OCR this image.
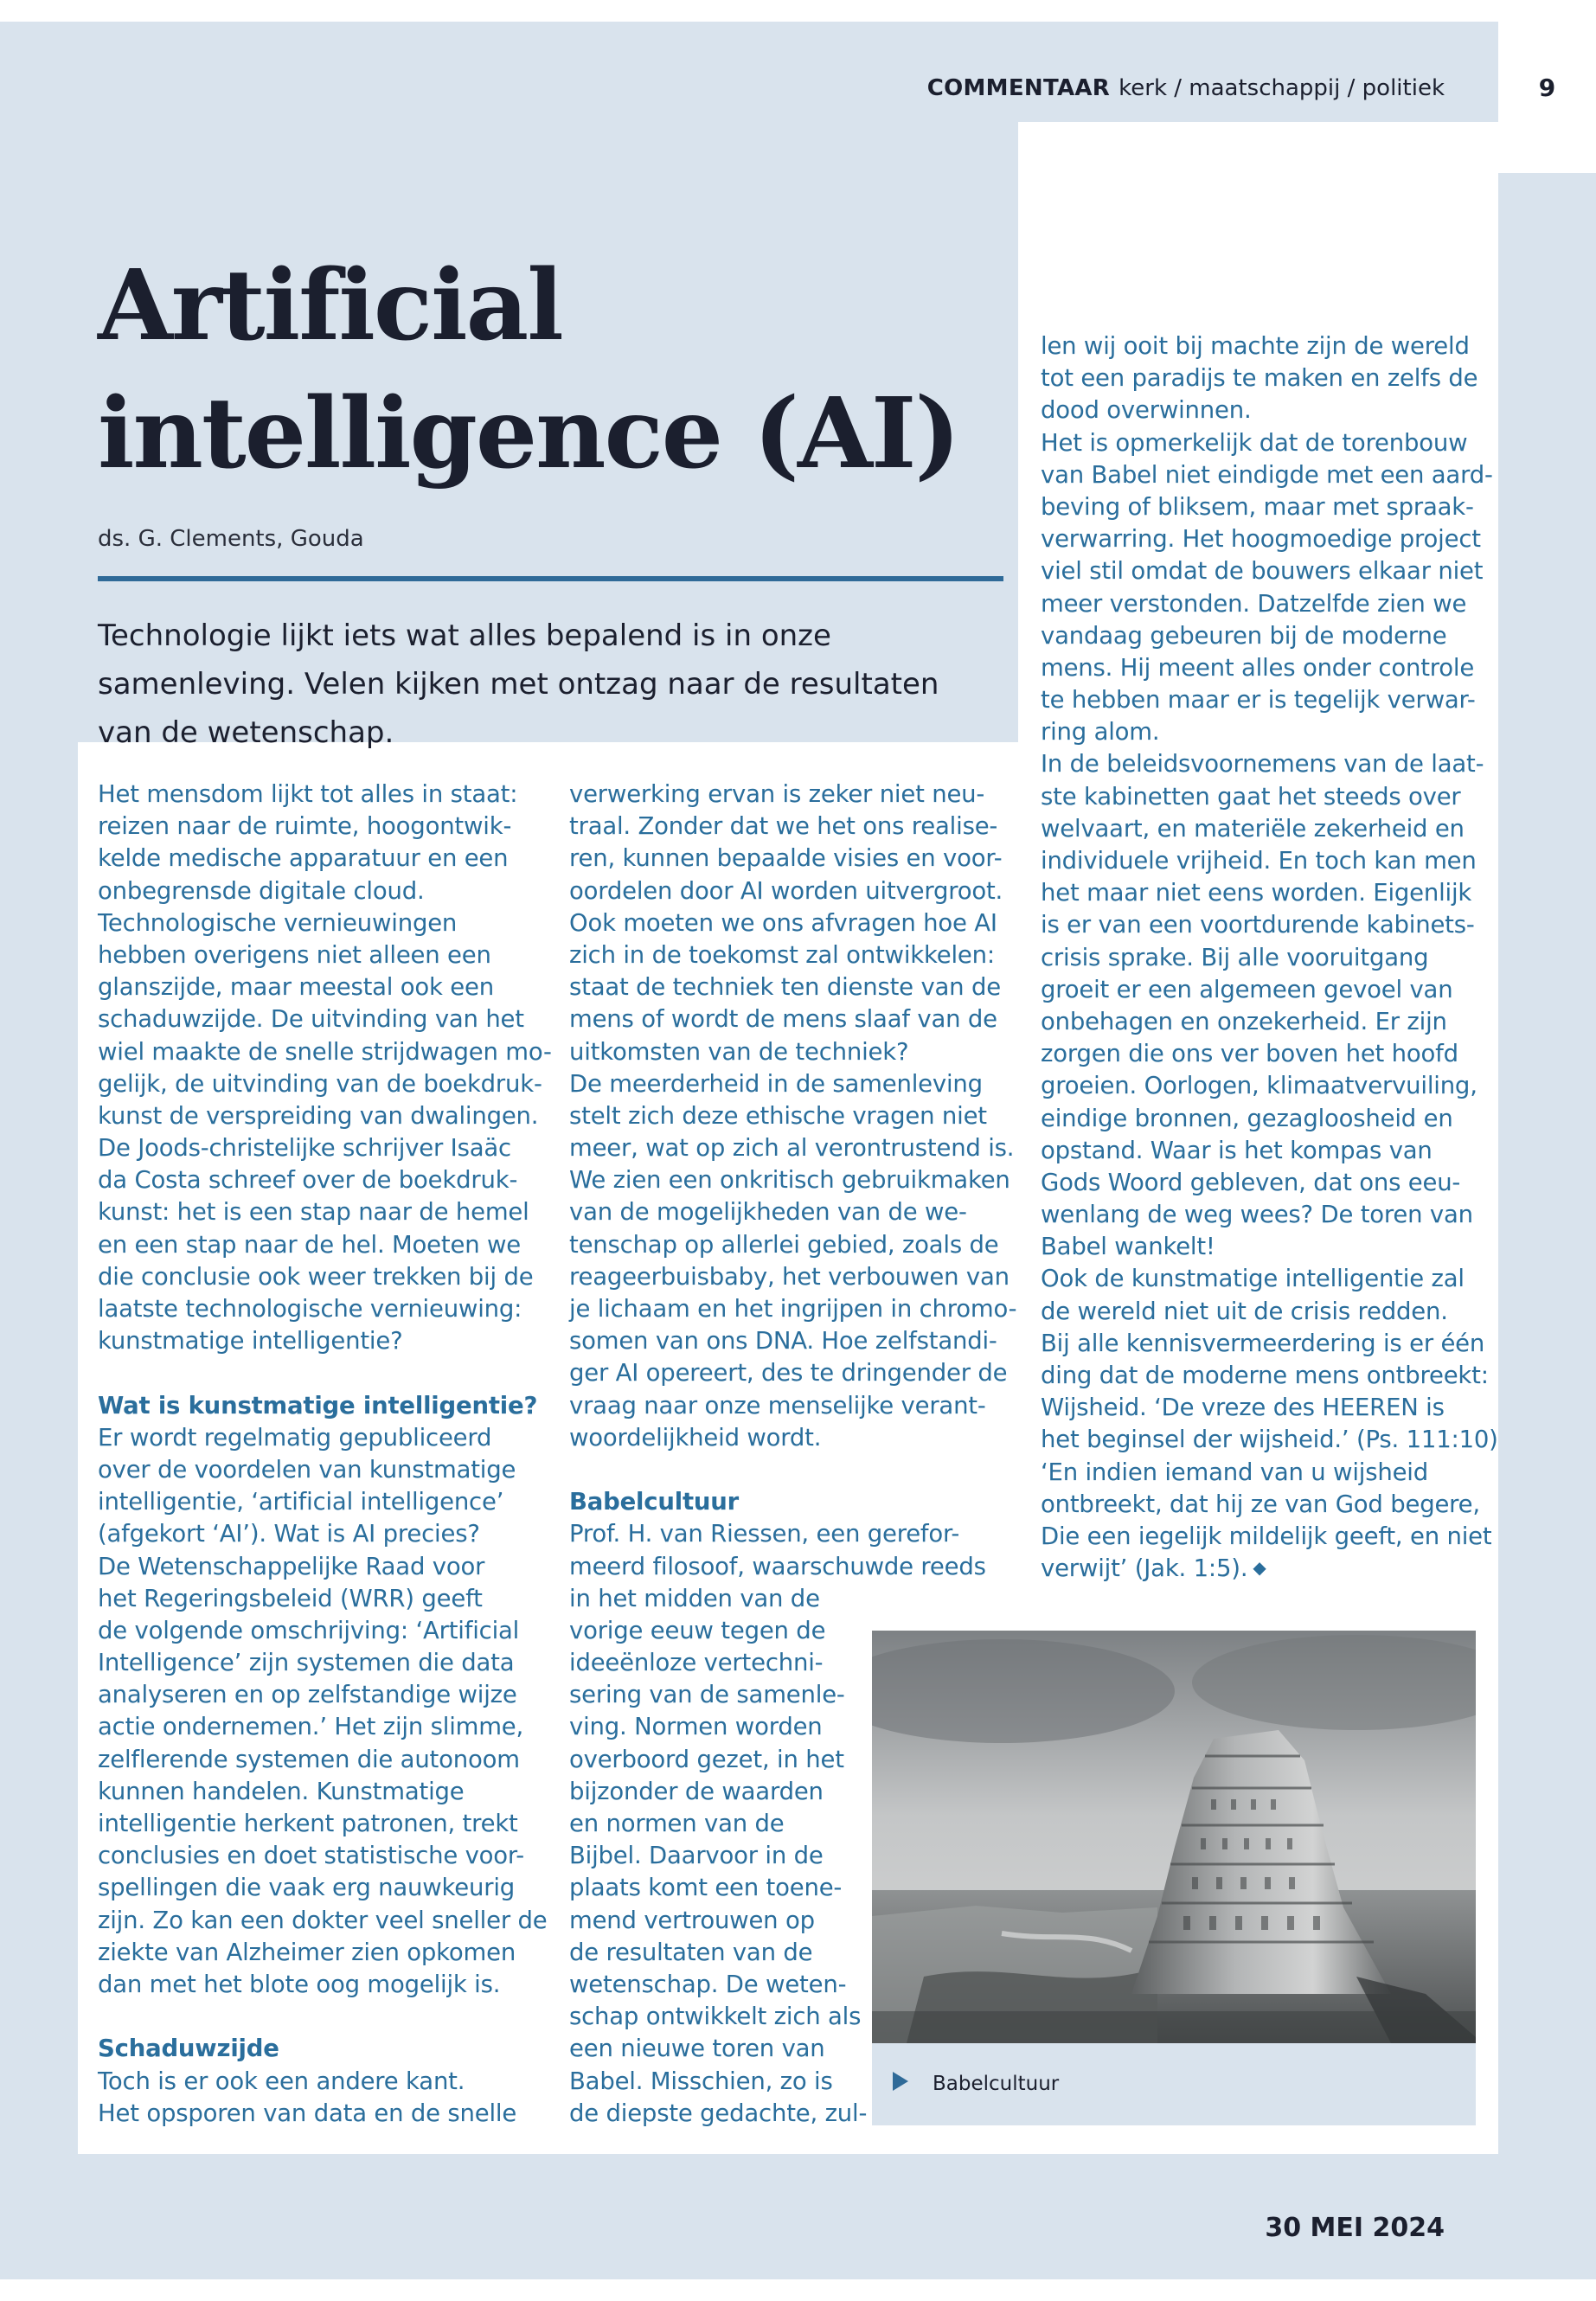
COMMENTAAR kerk / maatschappij / politiek	9
Artificial
intelligence (AI)
ds. G. Clements, Gouda
Technologie lijkt iets wat alles bepalend is in onze samenleving. Velen kijken met ontzag naar de resultaten van de wetenschap.
Het mensdom lijkt tot alles in staat:
reizen naar de ruimte, hoogontwik-
kelde medische apparatuur en een
onbegrensde digitale cloud.
Technologische vernieuwingen
hebben overigens niet alleen een
glanszijde, maar meestal ook een
schaduwzijde. De uitvinding van het
wiel maakte de snelle strijdwagen mo-
gelijk, de uitvinding van de boekdruk-
kunst de verspreiding van dwalingen.
De Joods-christelijke schrijver Isaäc
da Costa schreef over de boekdruk-
kunst: het is een stap naar de hemel
en een stap naar de hel. Moeten we
die conclusie ook weer trekken bij de
laatste technologische vernieuwing:
kunstmatige intelligentie?
Wat is kunstmatige intelligentie?
Er wordt regelmatig gepubliceerd
over de voordelen van kunstmatige
intelligentie, ‘artificial intelligence’
(afgekort ‘AI’). Wat is AI precies?
De Wetenschappelijke Raad voor
het Regeringsbeleid (WRR) geeft
de volgende omschrijving: ‘Artificial
Intelligence’ zijn systemen die data
analyseren en op zelfstandige wijze
actie ondernemen.’ Het zijn slimme,
zelflerende systemen die autonoom
kunnen handelen. Kunstmatige
intelligentie herkent patronen, trekt
conclusies en doet statistische voor-
spellingen die vaak erg nauwkeurig
zijn. Zo kan een dokter veel sneller de
ziekte van Alzheimer zien opkomen
dan met het blote oog mogelijk is.
Schaduwzijde
Toch is er ook een andere kant.
Het opsporen van data en de snelle
verwerking ervan is zeker niet neu-
traal. Zonder dat we het ons realise-
ren, kunnen bepaalde visies en voor-
oordelen door AI worden uitvergroot.
Ook moeten we ons afvragen hoe AI
zich in de toekomst zal ontwikkelen:
staat de techniek ten dienste van de
mens of wordt de mens slaaf van de
uitkomsten van de techniek?
De meerderheid in de samenleving
stelt zich deze ethische vragen niet
meer, wat op zich al verontrustend is.
We zien een onkritisch gebruikmaken
van de mogelijkheden van de we-
tenschap op allerlei gebied, zoals de
reageerbuisbaby, het verbouwen van
je lichaam en het ingrijpen in chromo-
somen van ons DNA. Hoe zelfstandi-
ger AI opereert, des te dringender de
vraag naar onze menselijke verant-
woordelijkheid wordt.
Babelcultuur
Prof. H. van Riessen, een gerefor-
meerd filosoof, waarschuwde reeds
in het midden van de
vorige eeuw tegen de
ideeënloze vertechni-
sering van de samenle-
ving. Normen worden
overboord gezet, in het
bijzonder de waarden
en normen van de
Bijbel. Daarvoor in de
plaats komt een toene-
mend vertrouwen op
de resultaten van de
wetenschap. De weten-
schap ontwikkelt zich als
een nieuwe toren van
Babel. Misschien, zo is
de diepste gedachte, zul-
len wij ooit bij machte zijn de wereld
tot een paradijs te maken en zelfs de
dood overwinnen.
Het is opmerkelijk dat de torenbouw
van Babel niet eindigde met een aard-
beving of bliksem, maar met spraak-
verwarring. Het hoogmoedige project
viel stil omdat de bouwers elkaar niet
meer verstonden. Datzelfde zien we
vandaag gebeuren bij de moderne
mens. Hij meent alles onder controle
te hebben maar er is tegelijk verwar-
ring alom.
In de beleidsvoornemens van de laat-
ste kabinetten gaat het steeds over
welvaart, en materiële zekerheid en
individuele vrijheid. En toch kan men
het maar niet eens worden. Eigenlijk
is er van een voortdurende kabinets-
crisis sprake. Bij alle vooruitgang
groeit er een algemeen gevoel van
onbehagen en onzekerheid. Er zijn
zorgen die ons ver boven het hoofd
groeien. Oorlogen, klimaatvervuiling,
eindige bronnen, gezagloosheid en
opstand. Waar is het kompas van
Gods Woord gebleven, dat ons eeu-
wenlang de weg wees? De toren van
Babel wankelt!
Ook de kunstmatige intelligentie zal
de wereld niet uit de crisis redden.
Bij alle kennisvermeerdering is er één
ding dat de moderne mens ontbreekt:
Wijsheid. ‘De vreze des HEEREN is
het beginsel der wijsheid.’ (Ps. 111:10)
‘En indien iemand van u wijsheid
ontbreekt, dat hij ze van God begere,
Die een iegelijk mildelijk geeft, en niet
verwijt’ (Jak. 1:5). ◆
Babelcultuur
30 MEI 2024
